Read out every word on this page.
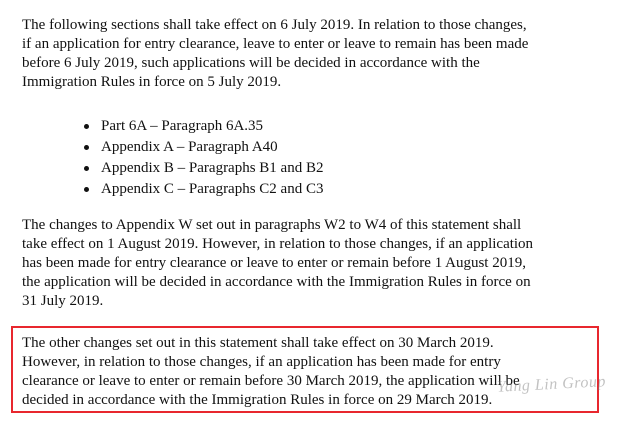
The following sections shall take effect on 6 July 2019. In relation to those changes,
if an application for entry clearance, leave to enter or leave to remain has been made
before 6 July 2019, such applications will be decided in accordance with the
Immigration Rules in force on 5 July 2019.
Part 6A – Paragraph 6A.35
Appendix A – Paragraph A40
Appendix B – Paragraphs B1 and B2
Appendix C – Paragraphs C2 and C3
The changes to Appendix W set out in paragraphs W2 to W4 of this statement shall
take effect on 1 August 2019. However, in relation to those changes, if an application
has been made for entry clearance or leave to enter or remain before 1 August 2019,
the application will be decided in accordance with the Immigration Rules in force on
31 July 2019.
The other changes set out in this statement shall take effect on 30 March 2019.
However, in relation to those changes, if an application has been made for entry
clearance or leave to enter or remain before 30 March 2019, the application will be
decided in accordance with the Immigration Rules in force on 29 March 2019.
Yang Lin Group
